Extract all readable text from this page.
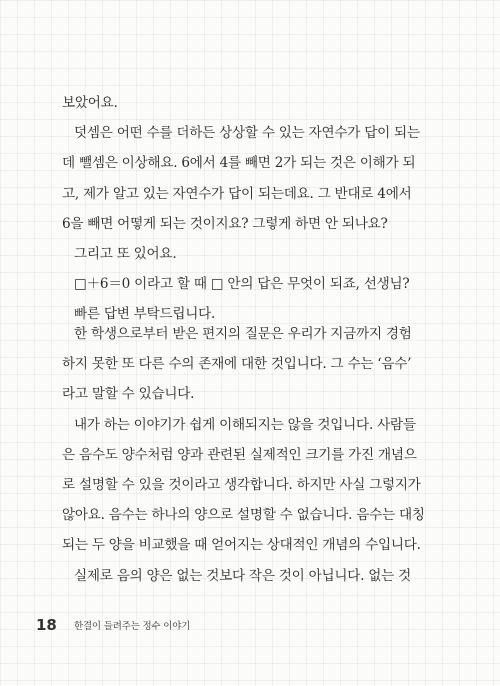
보았어요.
덧셈은 어떤 수를 더하든 상상할 수 있는 자연수가 답이 되는
데 뺄셈은 이상해요. 6에서 4를 빼면 2가 되는 것은 이해가 되
고, 제가 알고 있는 자연수가 답이 되는데요. 그 반대로 4에서
6을 빼면 어떻게 되는 것이지요? 그렇게 하면 안 되나요?
그리고 또 있어요.
□＋6＝0 이라고 할 때 □ 안의 답은 무엇이 되죠, 선생님?
빠른 답변 부탁드립니다.
한 학생으로부터 받은 편지의 질문은 우리가 지금까지 경험
하지 못한 또 다른 수의 존재에 대한 것입니다. 그 수는 ‘음수’
라고 말할 수 있습니다.
내가 하는 이야기가 쉽게 이해되지는 않을 것입니다. 사람들
은 음수도 양수처럼 양과 관련된 실제적인 크기를 가진 개념으
로 설명할 수 있을 것이라고 생각합니다. 하지만 사실 그렇지가
않아요. 음수는 하나의 양으로 설명할 수 없습니다. 음수는 대칭
되는 두 양을 비교했을 때 얻어지는 상대적인 개념의 수입니다.
실제로 음의 양은 없는 것보다 작은 것이 아닙니다. 없는 것
18 한결이 들려주는 정수 이야기
